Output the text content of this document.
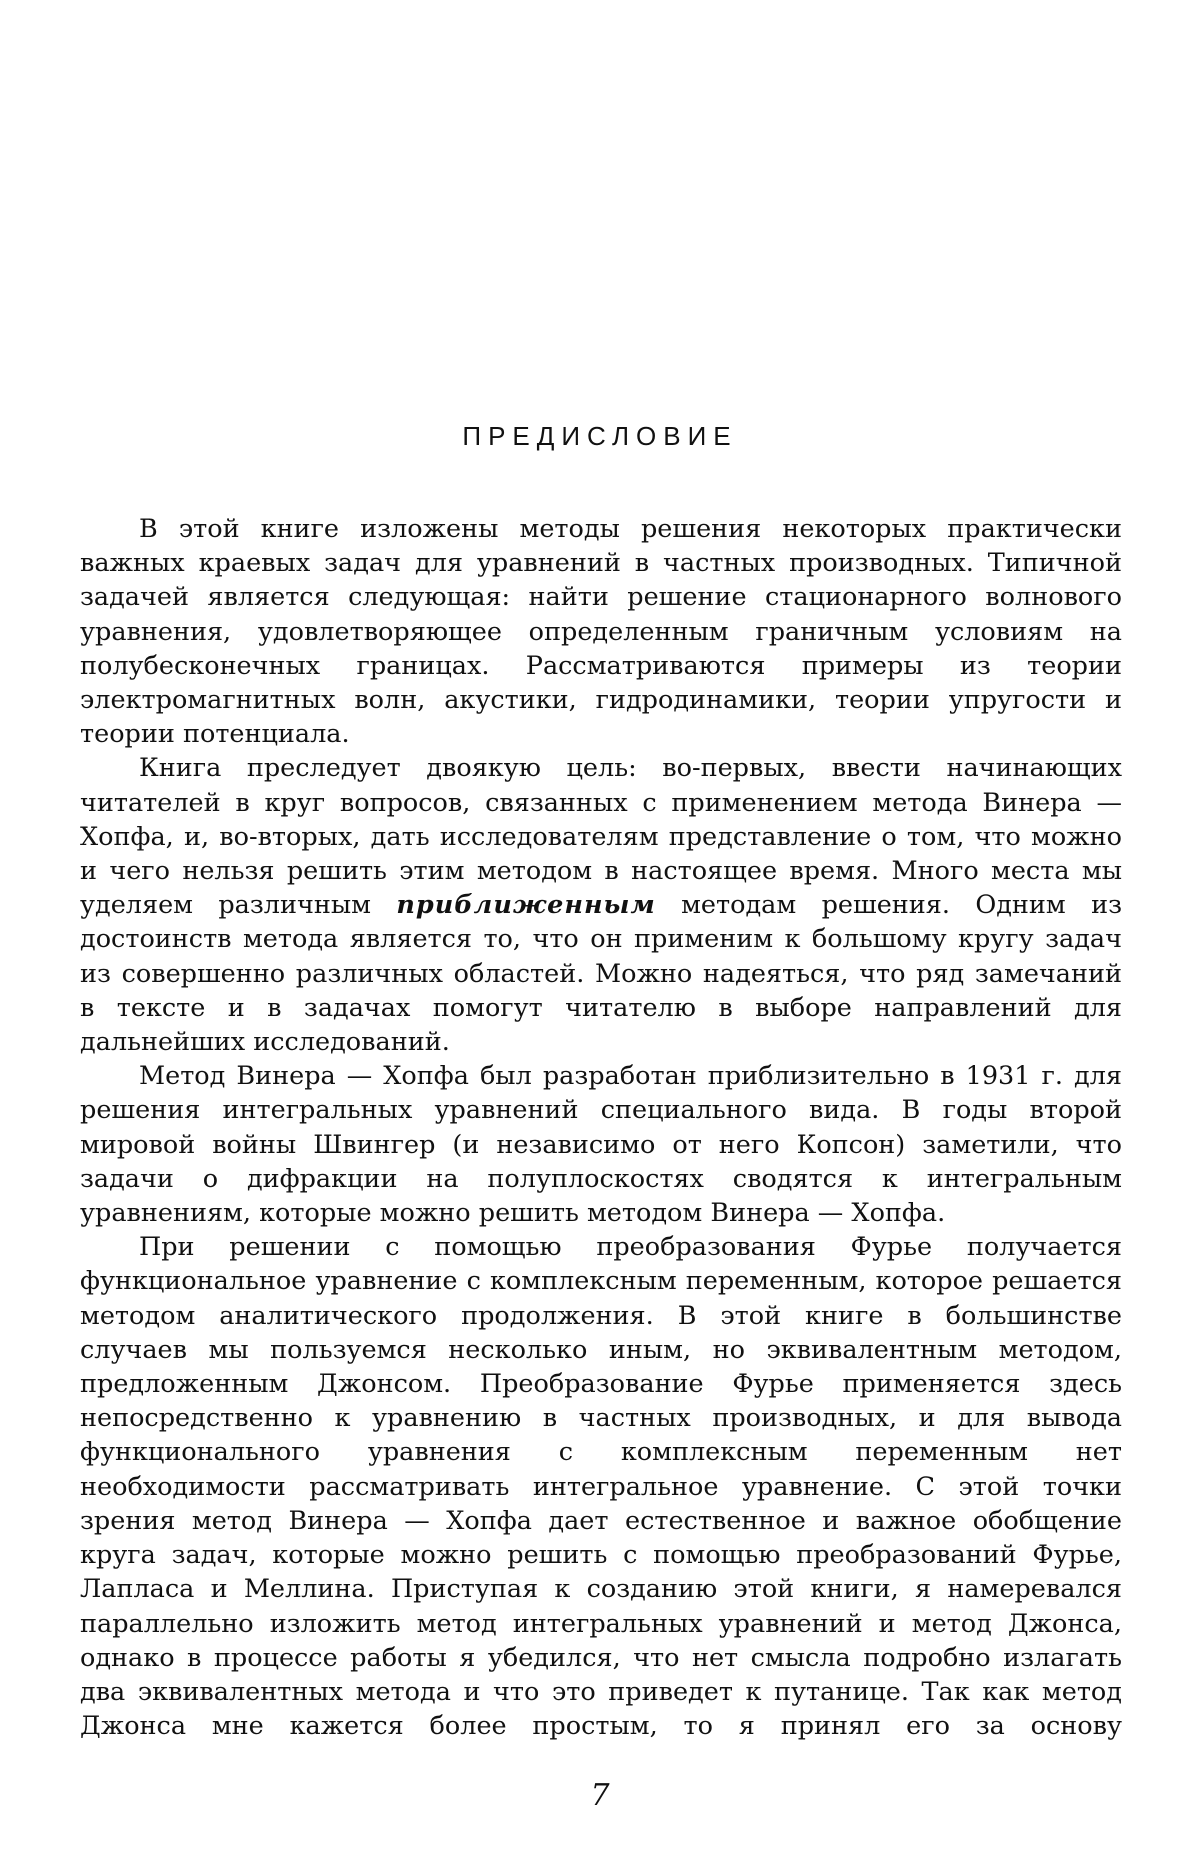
ПРЕДИСЛОВИЕ

В этой книге изложены методы решения некоторых практически важных краевых задач для уравнений в частных производных. Типичной задачей является следующая: найти решение стационарного волнового уравнения, удовлетворяющее определенным граничным условиям на полубесконечных границах. Рассматриваются примеры из теории электромагнитных волн, акустики, гидродинамики, теории упругости и теории потенциала.

Книга преследует двоякую цель: во-первых, ввести начинающих читателей в круг вопросов, связанных с применением метода Винера — Хопфа, и, во-вторых, дать исследователям представление о том, что можно и чего нельзя решить этим методом в настоящее время. Много места мы уделяем различным приближенным методам решения. Одним из достоинств метода является то, что он применим к большому кругу задач из совершенно различных областей. Можно надеяться, что ряд замечаний в тексте и в задачах помогут читателю в выборе направлений для дальнейших исследований.

Метод Винера — Хопфа был разработан приблизительно в 1931 г. для решения интегральных уравнений специального вида. В годы второй мировой войны Швингер (и независимо от него Копсон) заметили, что задачи о дифракции на полуплоскостях сводятся к интегральным уравнениям, которые можно решить методом Винера — Хопфа.

При решении с помощью преобразования Фурье получается функциональное уравнение с комплексным переменным, которое решается методом аналитического продолжения. В этой книге в большинстве случаев мы пользуемся несколько иным, но эквивалентным методом, предложенным Джонсом. Преобразование Фурье применяется здесь непосредственно к уравнению в частных производных, и для вывода функционального уравнения с комплексным переменным нет необходимости рассматривать интегральное уравнение. С этой точки зрения метод Винера — Хопфа дает естественное и важное обобщение круга задач, которые можно решить с помощью преобразований Фурье, Лапласа и Меллина. Приступая к созданию этой книги, я намеревался параллельно изложить метод интегральных уравнений и метод Джонса, однако в процессе работы я убедился, что нет смысла подробно излагать два эквивалентных метода и что это приведет к путанице. Так как метод Джонса мне кажется более простым, то я принял его за основу

7
